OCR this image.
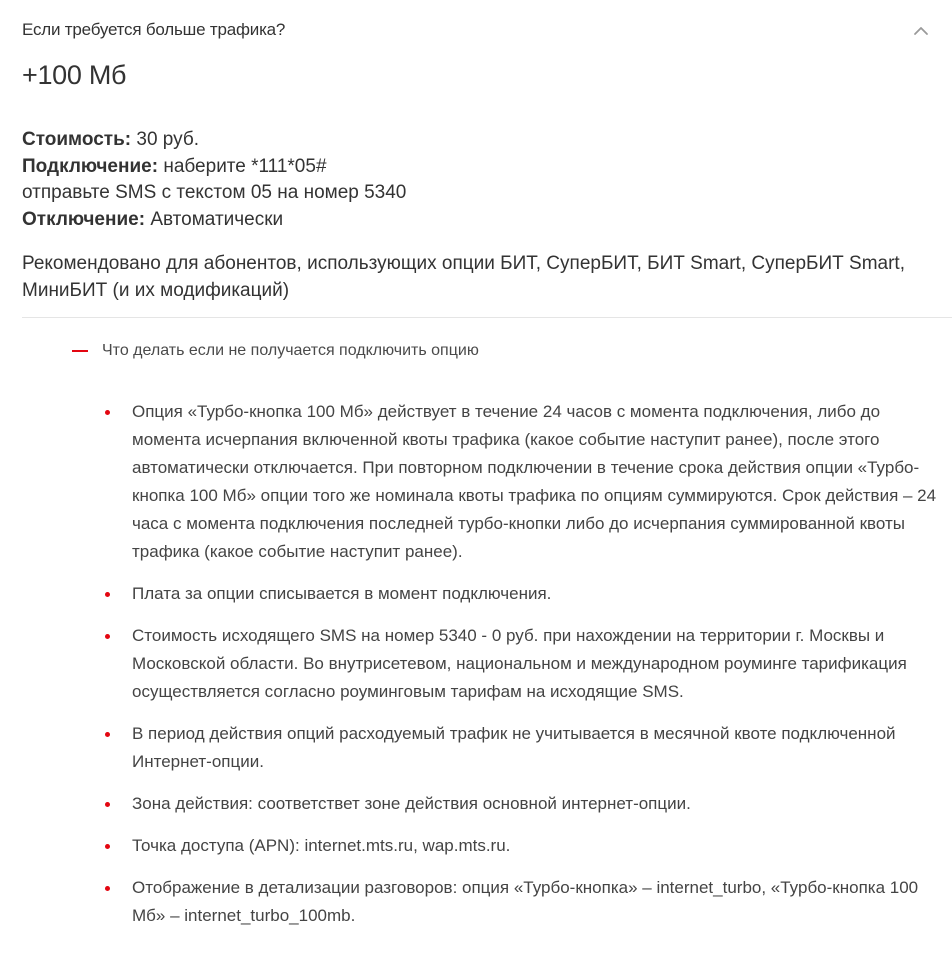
Если требуется больше трафика?
+100 Мб
Стоимость: 30 руб.
Подключение: наберите *111*05#
отправьте SMS с текстом 05 на номер 5340
Отключение: Автоматически
Рекомендовано для абонентов, использующих опции БИТ, СуперБИТ, БИТ Smart, СуперБИТ Smart, МиниБИТ (и их модификаций)
Что делать если не получается подключить опцию
Опция «Турбо-кнопка 100 Мб» действует в течение 24 часов с момента подключения, либо до момента исчерпания включенной квоты трафика (какое событие наступит ранее), после этого автоматически отключается. При повторном подключении в течение срока действия опции «Турбо-кнопка 100 Мб» опции того же номинала квоты трафика по опциям суммируются. Срок действия – 24 часа с момента подключения последней турбо-кнопки либо до исчерпания суммированной квоты трафика (какое событие наступит ранее).
Плата за опции списывается в момент подключения.
Стоимость исходящего SMS на номер 5340 - 0 руб. при нахождении на территории г. Москвы и Московской области. Во внутрисетевом, национальном и международном роуминге тарификация осуществляется согласно роуминговым тарифам на исходящие SMS.
В период действия опций расходуемый трафик не учитывается в месячной квоте подключенной Интернет-опции.
Зона действия: соответствет зоне действия основной интернет-опции.
Точка доступа (APN): internet.mts.ru, wap.mts.ru.
Отображение в детализации разговоров: опция «Турбо-кнопка» – internet_turbo, «Турбо-кнопка 100 Мб» – internet_turbo_100mb.
